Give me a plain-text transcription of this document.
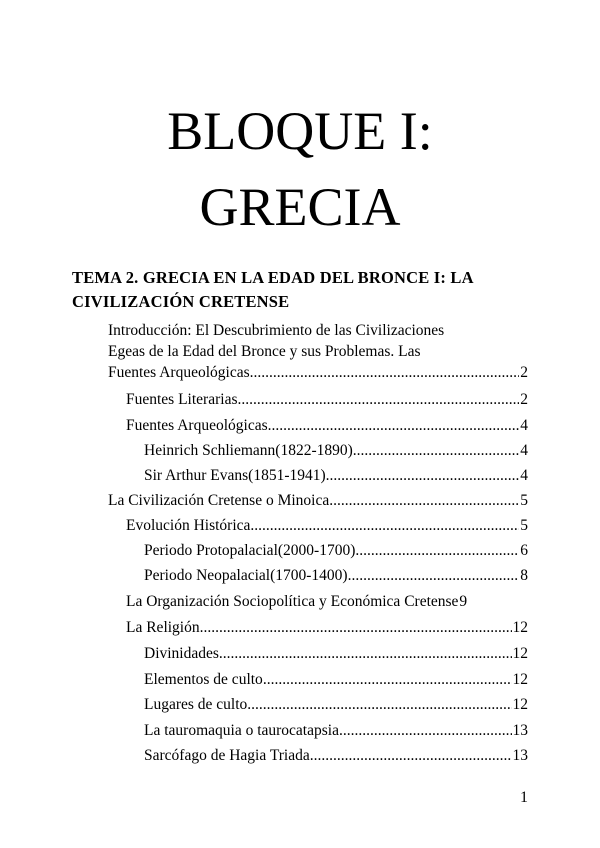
BLOQUE I:
GRECIA
TEMA 2. GRECIA EN LA EDAD DEL BRONCE I: LA CIVILIZACIÓN CRETENSE
Introducción: El Descubrimiento de las Civilizaciones
Egeas de la Edad del Bronce y sus Problemas. Las
Fuentes Arqueológicas .....	2
Fuentes Literarias .....	2
Fuentes Arqueológicas .....	4
Heinrich Schliemann(1822-1890) .....	4
Sir Arthur Evans(1851-1941) .....	4
La Civilización Cretense o Minoica .....	5
Evolución Histórica .....	5
Periodo Protopalacial(2000-1700) .....	6
Periodo Neopalacial(1700-1400) .....	8
La Organización Sociopolítica y Económica Cretense 9
La Religión .....	12
Divinidades .....	12
Elementos de culto .....	12
Lugares de culto .....	12
La tauromaquia o taurocatapsia .....	13
Sarcófago de Hagia Triada .....	13
1
